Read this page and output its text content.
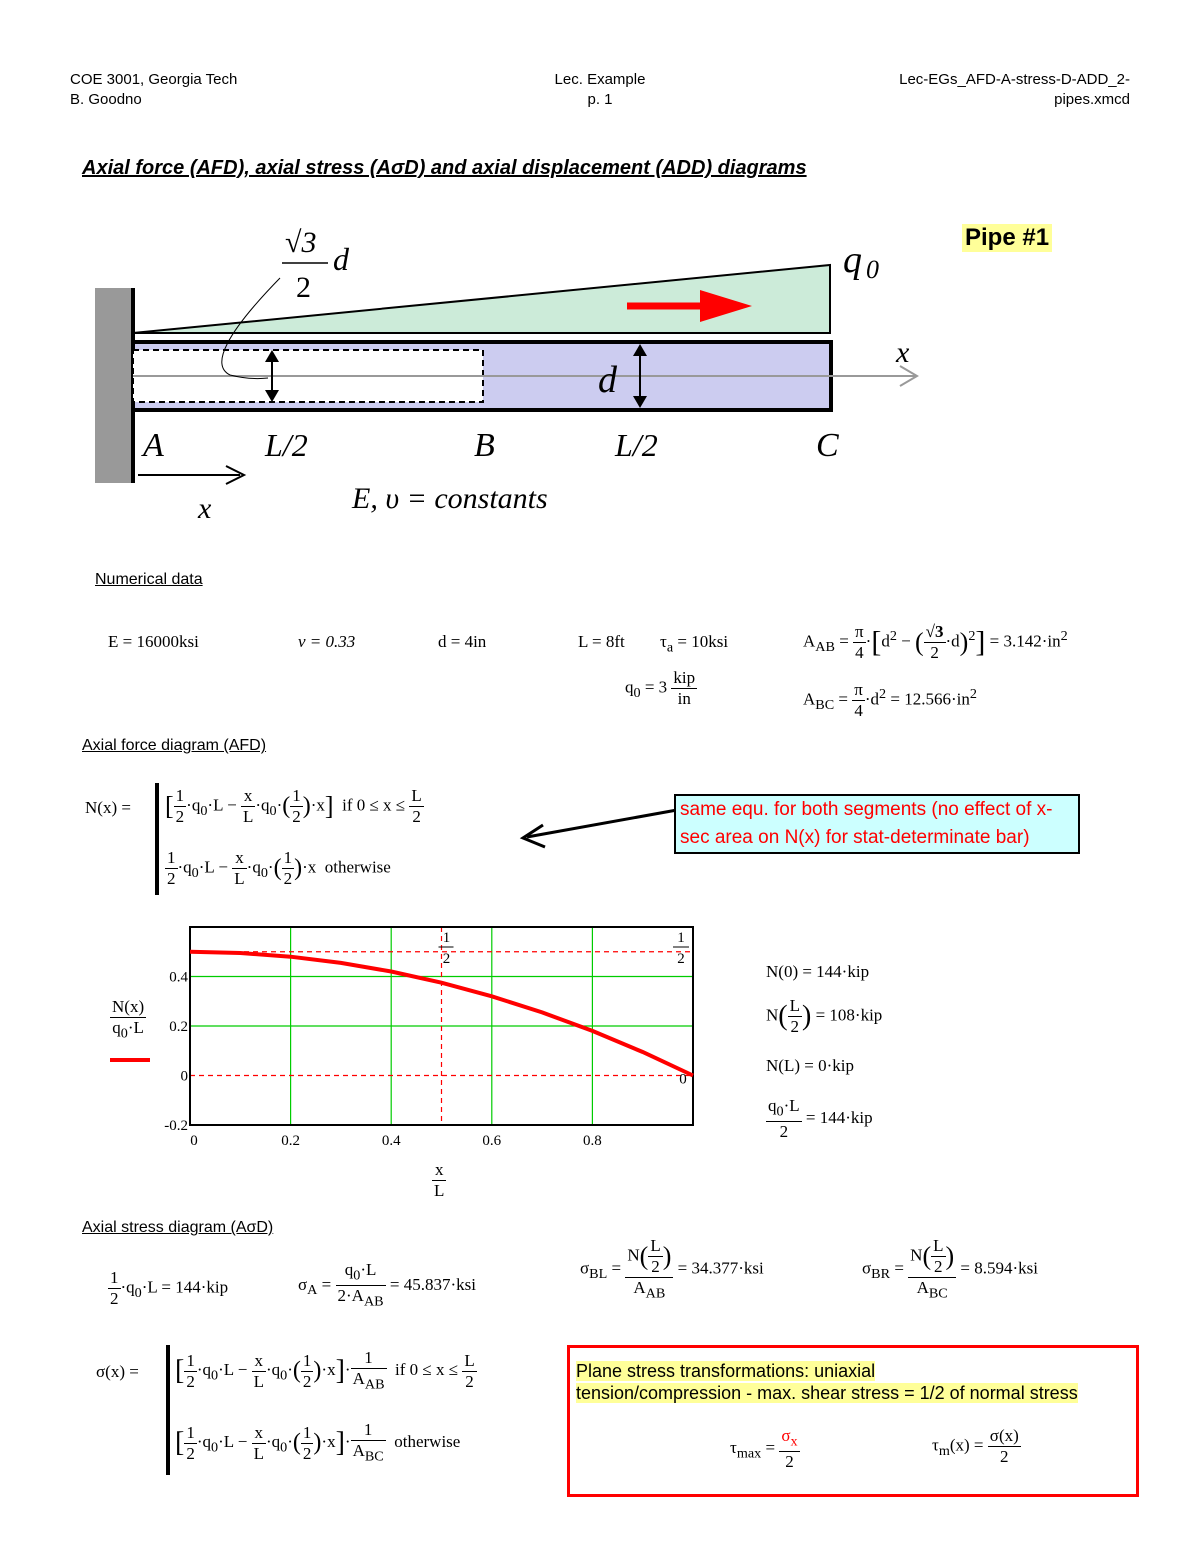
COE 3001, Georgia Tech
B. Goodno
Lec. Example
p. 1
Lec-EGs_AFD-A-stress-D-ADD_2-
pipes.xmcd
Axial force (AFD), axial stress (AσD) and axial displacement (ADD) diagrams
√3
2
d	q 0
x
d
A	L/2	B	L/2	C
x	E, υ = constants
Pipe #1
Numerical data
E = 16000ksi	ν = 0.33	d = 4in	L = 8ft $\tau_a = 10ksi$
$q_0 = 3 \frac{\text{kip}}{in}$
$A_{AB} = \frac{\pi}{4} \cdot[d^2$ − ( $\frac{√3}{2} \cdot d)^2] = 3.142\cdot in^2$
$A_{BC} = \frac{\pi}{4} \cdot d^2 = 12.566\cdot in^2$
Axial force diagram (AFD)
N(x) = [ $\frac{1}{2} \cdot q_0\cdot L - \frac{x}{L} \cdot q_0\cdot( \frac{1}{2} )\cdot x$] if $0 \le x \le \frac{L}{2}$
$\frac{1}{2} \cdot q_0\cdot L - \frac{x}{L} \cdot q_0\cdot( \frac{1}{2} )\cdot x$  otherwise
same equ. for both segments (no effect of x-sec area on N(x) for stat-determinate bar)
$\frac{N(x)}{q_0\cdot L}$
0	0.2	0.4	0.6	0.8
-0.2
0
0.2
0.4
1
2
1
2
0
$\frac{x}{L}$
N(0) = 144·kip
$N( \frac{L}{2}$ ) = 108·kip
N(L) = 0·kip
$\frac{q_0\cdot L}{2} = 144\cdot kip$
Axial stress diagram (AσD)
$\frac{1}{2} \cdot q_0\cdot L = 144\cdot kip$	$\sigma_A = \frac{q_0\cdot L}{2\cdot A_{AB}} = 45.837\cdot ksi$
$\sigma_{BL} = \frac{N( \frac{L}{2} )}{A_{AB}} = 34.377\cdot ksi$	$\sigma_{BR} = \frac{N( \frac{L}{2} )}{A_{BC}} = 8.594\cdot ksi$
σ(x) = [ $\frac{1}{2} \cdot q_0\cdot L - \frac{x}{L} \cdot q_0\cdot( \frac{1}{2} )\cdot x]\cdot \frac{1}{A_{AB}}$ if $0 \le x \le \frac{L}{2}$
[ $\frac{1}{2} \cdot q_0\cdot L - \frac{x}{L} \cdot q_0\cdot( \frac{1}{2} )\cdot x]\cdot \frac{1}{A_{BC}}$ otherwise
Plane stress transformations: uniaxial
tension/compression - max. shear stress = 1/2 of normal stress
$\tau_{max} = \frac{\sigma_x}{2}$	$\tau_m(x) = \frac{\sigma(x)}{2}$
